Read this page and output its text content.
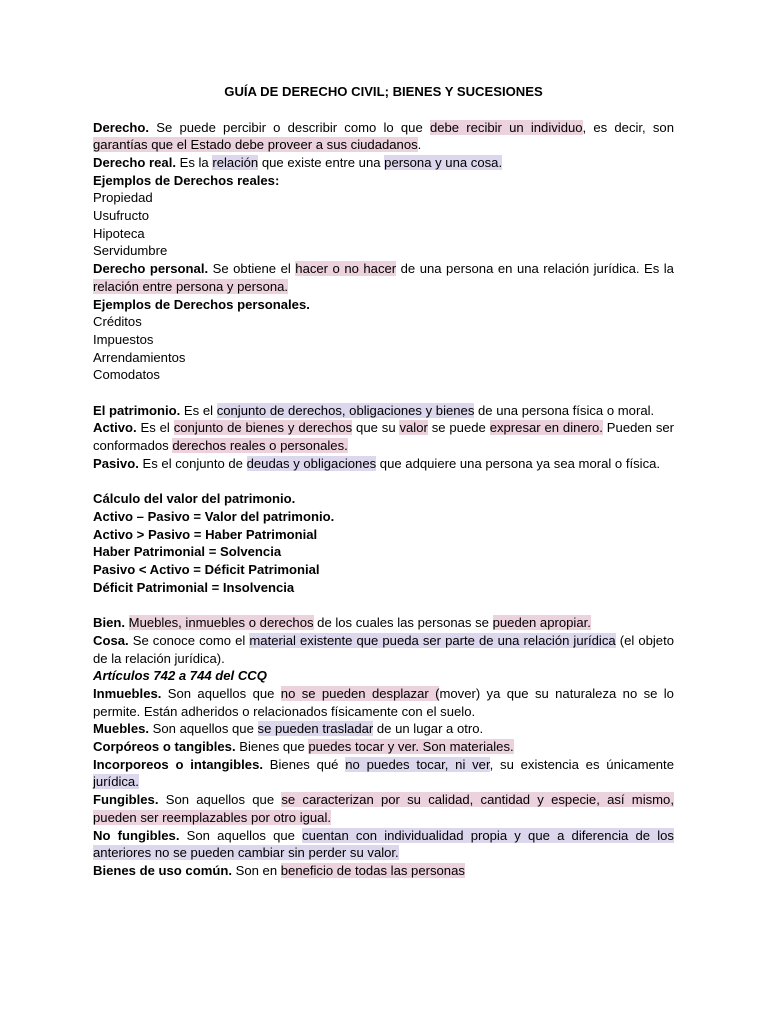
GUÍA DE DERECHO CIVIL; BIENES Y SUCESIONES
Derecho. Se puede percibir o describir como lo que debe recibir un individuo, es decir, son garantías que el Estado debe proveer a sus ciudadanos.
Derecho real. Es la relación que existe entre una persona y una cosa.
Ejemplos de Derechos reales:
Propiedad
Usufructo
Hipoteca
Servidumbre
Derecho personal. Se obtiene el hacer o no hacer de una persona en una relación jurídica. Es la relación entre persona y persona.
Ejemplos de Derechos personales.
Créditos
Impuestos
Arrendamientos
Comodatos
El patrimonio. Es el conjunto de derechos, obligaciones y bienes de una persona física o moral.
Activo. Es el conjunto de bienes y derechos que su valor se puede expresar en dinero. Pueden ser conformados derechos reales o personales.
Pasivo. Es el conjunto de deudas y obligaciones que adquiere una persona ya sea moral o física.
Cálculo del valor del patrimonio.
Activo – Pasivo = Valor del patrimonio.
Activo > Pasivo = Haber Patrimonial
Haber Patrimonial = Solvencia
Pasivo < Activo = Déficit Patrimonial
Déficit Patrimonial = Insolvencia
Bien. Muebles, inmuebles o derechos de los cuales las personas se pueden apropiar.
Cosa. Se conoce como el material existente que pueda ser parte de una relación jurídica (el objeto de la relación jurídica).
Artículos 742 a 744 del CCQ
Inmuebles. Son aquellos que no se pueden desplazar (mover) ya que su naturaleza no se lo permite. Están adheridos o relacionados físicamente con el suelo.
Muebles. Son aquellos que se pueden trasladar de un lugar a otro.
Corpóreos o tangibles. Bienes que puedes tocar y ver. Son materiales.
Incorporeos o intangibles. Bienes qué no puedes tocar, ni ver, su existencia es únicamente jurídica.
Fungibles. Son aquellos que se caracterizan por su calidad, cantidad y especie, así mismo, pueden ser reemplazables por otro igual.
No fungibles. Son aquellos que cuentan con individualidad propia y que a diferencia de los anteriores no se pueden cambiar sin perder su valor.
Bienes de uso común. Son en beneficio de todas las personas
